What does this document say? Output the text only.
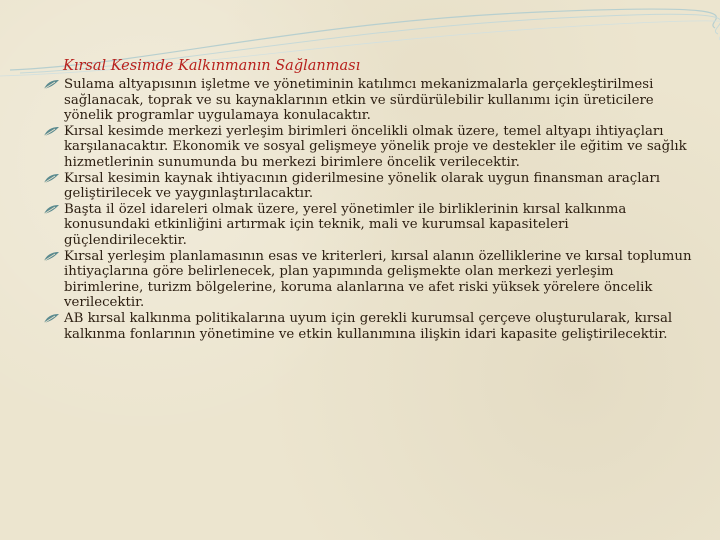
Kırsal Kesimde Kalkınmanın Sağlanması
Sulama altyapısının işletme ve yönetiminin katılımcı mekanizmalarla gerçekleştirilmesi sağlanacak, toprak ve su kaynaklarının etkin ve sürdürülebilir kullanımı için üreticilere yönelik programlar uygulamaya konulacaktır.
Kırsal kesimde merkezi yerleşim birimleri öncelikli olmak üzere, temel altyapı ihtiyaçları karşılanacaktır. Ekonomik ve sosyal gelişmeye yönelik proje ve destekler ile eğitim ve sağlık hizmetlerinin sunumunda bu merkezi birimlere öncelik verilecektir.
Kırsal kesimin kaynak ihtiyacının giderilmesine yönelik olarak uygun finansman araçları geliştirilecek ve yaygınlaştırılacaktır.
Başta il özel idareleri olmak üzere, yerel yönetimler ile birliklerinin kırsal kalkınma konusundaki etkinliğini artırmak için teknik, mali ve kurumsal kapasiteleri güçlendirilecektir.
Kırsal yerleşim planlamasının esas ve kriterleri, kırsal alanın özelliklerine ve kırsal toplumun ihtiyaçlarına göre belirlenecek, plan yapımında gelişmekte olan merkezi yerleşim birimlerine, turizm bölgelerine, koruma alanlarına ve afet riski yüksek yörelere öncelik verilecektir.
AB kırsal kalkınma politikalarına uyum için gerekli kurumsal çerçeve oluşturularak, kırsal kalkınma fonlarının yönetimine ve etkin kullanımına ilişkin idari kapasite geliştirilecektir.
